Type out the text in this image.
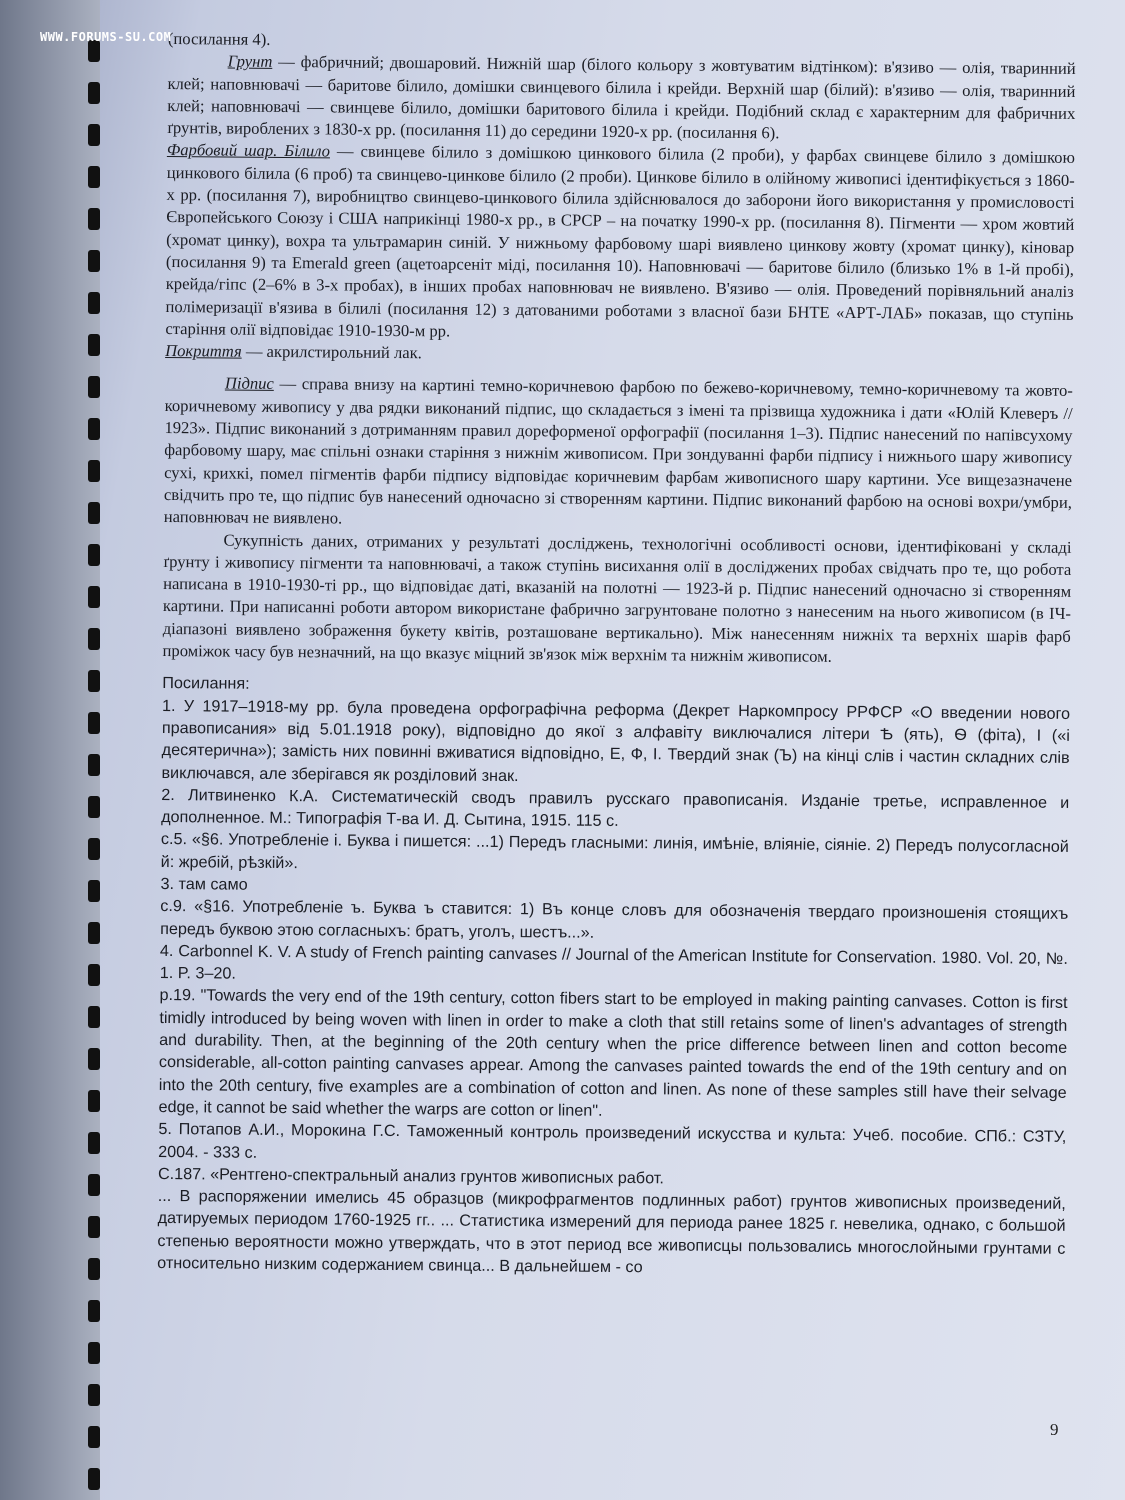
(посилання 4).

Грунт — фабричний; двошаровий. Нижній шар (білого кольору з жовтуватим відтінком): в'язиво — олія, тваринний клей; наповнювачі — баритове білило, домішки свинцевого білила і крейди. Верхній шар (білий): в'язиво — олія, тваринний клей; наповнювачі — свинцеве білило, домішки баритового білила і крейди. Подібний склад є характерним для фабричних ґрунтів, вироблених з 1830-х рр. (посилання 11) до середини 1920-х рр. (посилання 6).

Фарбовий шар. Білило — свинцеве білило з домішкою цинкового білила (2 проби), у фарбах свинцеве білило з домішкою цинкового білила (6 проб) та свинцево-цинкове білило (2 проби). Цинкове білило в олійному живописі ідентифікується з 1860-х рр. (посилання 7), виробництво свинцево-цинкового білила здійснювалося до заборони його використання у промисловості Європейського Союзу і США наприкінці 1980-х рр., в СРСР – на початку 1990-х рр. (посилання 8). Пігменти — хром жовтий (хромат цинку), вохра та ультрамарин синій. У нижньому фарбовому шарі виявлено цинкову жовту (хромат цинку), кіновар (посилання 9) та Emerald green (ацетоарсеніт міді, посилання 10). Наповнювачі — баритове білило (близько 1% в 1-й пробі), крейда/гіпс (2–6% в 3-х пробах), в інших пробах наповнювач не виявлено. В'язиво — олія. Проведений порівняльний аналіз полімеризації в'язива в білилі (посилання 12) з датованими роботами з власної бази БНТЕ «АРТ-ЛАБ» показав, що ступінь старіння олії відповідає 1910-1930-м рр.

Покриття — акрилстирольний лак.

Підпис — справа внизу на картині темно-коричневою фарбою по бежево-коричневому, темно-коричневому та жовто-коричневому живопису у два рядки виконаний підпис, що складається з імені та прізвища художника і дати «Юлій Клеверъ // 1923». Підпис виконаний з дотриманням правил дореформеної орфографії (посилання 1–3). Підпис нанесений по напівсухому фарбовому шару, має спільні ознаки старіння з нижнім живописом. При зондуванні фарби підпису і нижнього шару живопису сухі, крихкі, помел пігментів фарби підпису відповідає коричневим фарбам живописного шару картини. Усе вищезазначене свідчить про те, що підпис був нанесений одночасно зі створенням картини. Підпис виконаний фарбою на основі вохри/умбри, наповнювач не виявлено.

Сукупність даних, отриманих у результаті досліджень, технологічні особливості основи, ідентифіковані у складі ґрунту і живопису пігменти та наповнювачі, а також ступінь висихання олії в досліджених пробах свідчать про те, що робота написана в 1910-1930-ті рр., що відповідає даті, вказаній на полотні — 1923-й р. Підпис нанесений одночасно зі створенням картини. При написанні роботи автором використане фабрично загрунтоване полотно з нанесеним на нього живописом (в ІЧ-діапазоні виявлено зображення букету квітів, розташоване вертикально). Між нанесенням нижніх та верхніх шарів фарб проміжок часу був незначний, на що вказує міцний зв'язок між верхнім та нижнім живописом.

Посилання:

1. У 1917–1918-му рр. була проведена орфографічна реформа (Декрет Наркомпросу РРФСР «О введении нового правописания» від 5.01.1918 року), відповідно до якої з алфавіту виключалися літери Ѣ (ять), Ѳ (фіта), І («і десятерична»); замість них повинні вживатися відповідно, Е, Ф, І. Твердий знак (Ъ) на кінці слів і частин складних слів виключався, але зберігався як розділовий знак.

2. Литвиненко К.А. Систематическій сводъ правилъ русскаго правописанія. Изданіе третье, исправленное и дополненное. М.: Типографія Т-ва И. Д. Сытина, 1915. 115 с.

с.5. «§6. Употребленіе і. Буква і пишется: ...1) Передъ гласными: линія, имѣніе, вліяніе, сіяніе. 2) Передъ полусогласной й: жребій, рѣзкій».

3. там само

с.9. «§16. Употребленіе ъ. Буква ъ ставится: 1) Въ конце словъ для обозначенія твердаго произношенія стоящихъ передъ буквою этою согласныхъ: братъ, уголъ, шестъ...».

4. Carbonnel K. V. A study of French painting canvases // Journal of the American Institute for Conservation. 1980. Vol. 20, №. 1. P. 3–20.

p.19. "Towards the very end of the 19th century, cotton fibers start to be employed in making painting canvases. Cotton is first timidly introduced by being woven with linen in order to make a cloth that still retains some of linen's advantages of strength and durability. Then, at the beginning of the 20th century when the price difference between linen and cotton become considerable, all-cotton painting canvases appear. Among the canvases painted towards the end of the 19th century and on into the 20th century, five examples are a combination of cotton and linen. As none of these samples still have their selvage edge, it cannot be said whether the warps are cotton or linen".

5. Потапов А.И., Морокина Г.С. Таможенный контроль произведений искусства и культа: Учеб. пособие. СПб.: СЗТУ, 2004. - 333 с.

С.187. «Рентгено-спектральный анализ грунтов живописных работ.

... В распоряжении имелись 45 образцов (микрофрагментов подлинных работ) грунтов живописных произведений, датируемых периодом 1760-1925 гг.. ... Статистика измерений для периода ранее 1825 г. невелика, однако, с большой степенью вероятности можно утверждать, что в этот период все живописцы пользовались многослойными грунтами с относительно низким содержанием свинца... В дальнейшем - со

9
WWW.FORUMS-SU.COM
